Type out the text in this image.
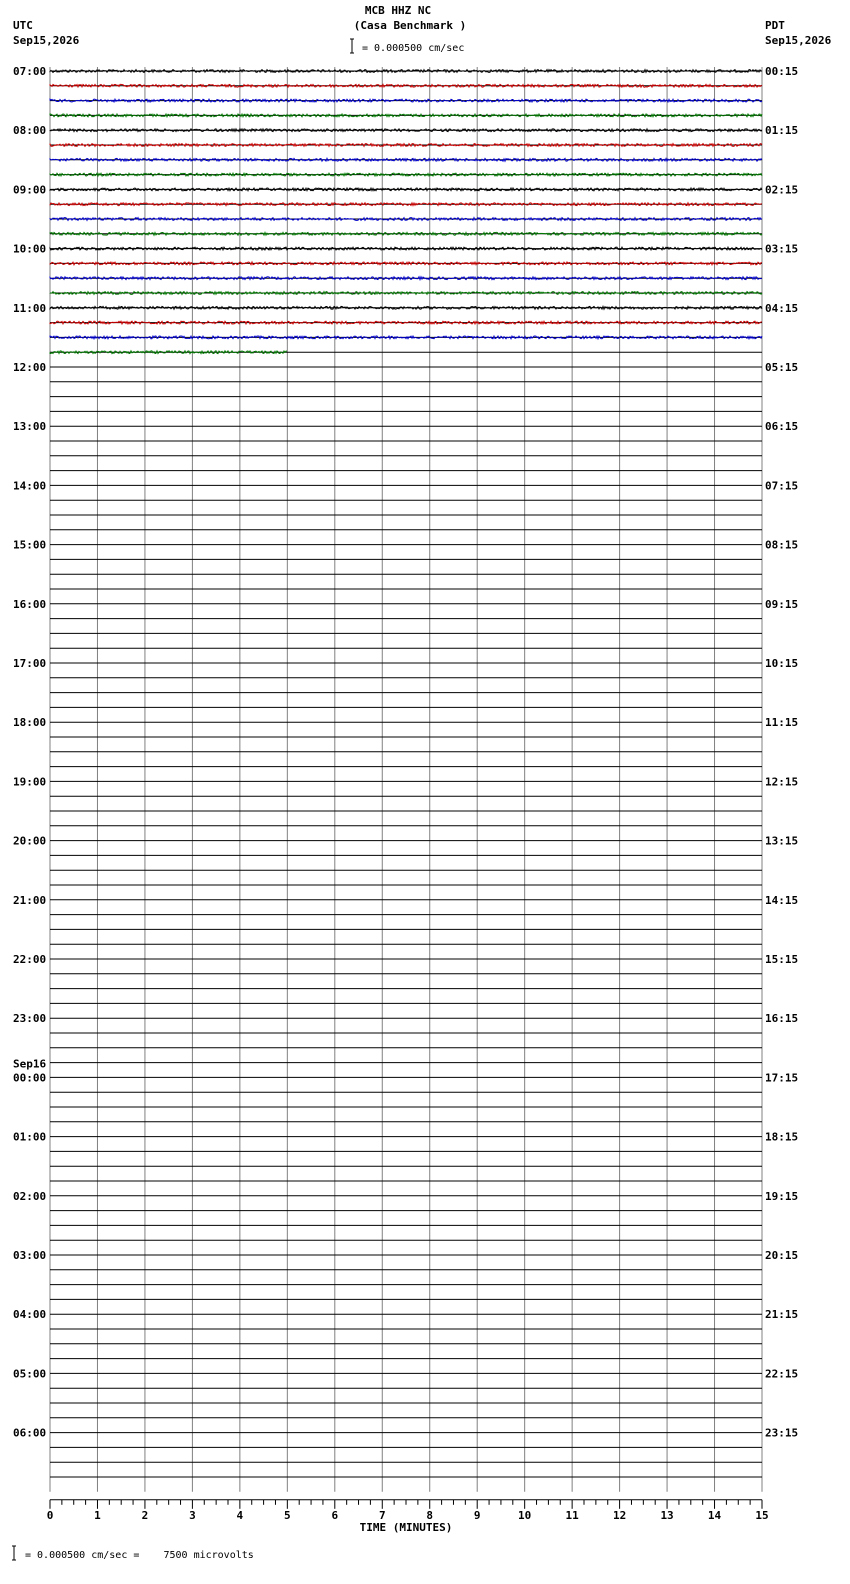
MCB HHZ NC
(Casa Benchmark )
UTC
Sep15,2026
PDT
Sep15,2026
= 0.000500 cm/sec
= 0.000500 cm/sec =    7500 microvolts
07:00
08:00
09:00
10:00
11:00
12:00
13:00
14:00
15:00
16:00
17:00
18:00
19:00
20:00
21:00
22:00
23:00
00:00
Sep16
01:00
02:00
03:00
04:00
05:00
06:00
00:15
01:15
02:15
03:15
04:15
05:15
06:15
07:15
08:15
09:15
10:15
11:15
12:15
13:15
14:15
15:15
16:15
17:15
18:15
19:15
20:15
21:15
22:15
23:15
0	1	2	3	4	5	6	7	8	9	10	11	12	13	14	15
TIME (MINUTES)
